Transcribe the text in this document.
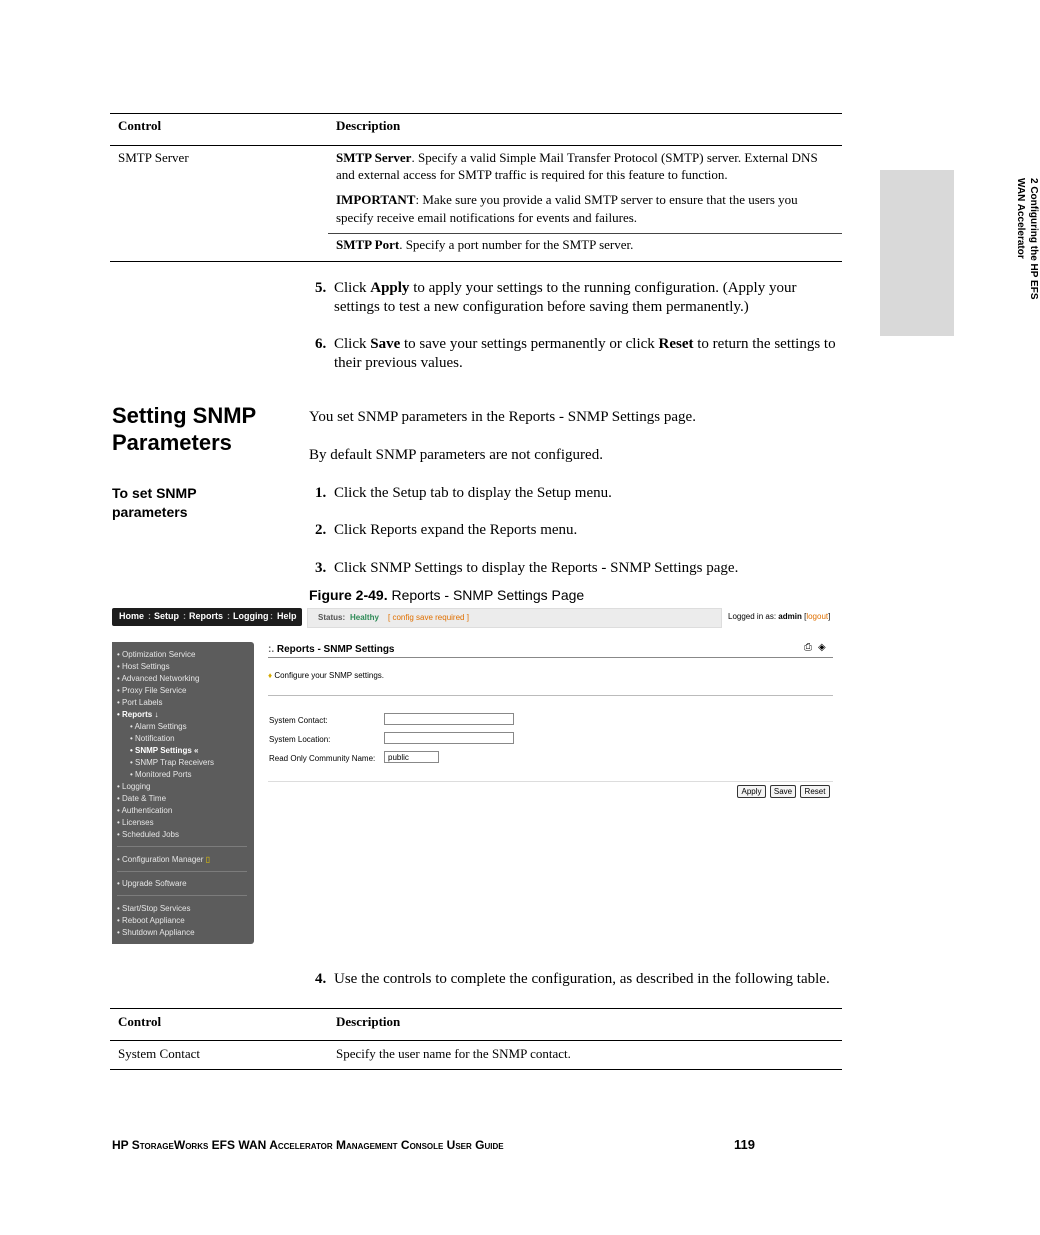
2 Configuring the HP EFS
WAN Accelerator
Control	Description
SMTP Server	SMTP Server. Specify a valid Simple Mail Transfer Protocol (SMTP) server. External DNS and external access for SMTP traffic is required for this feature to function.
IMPORTANT: Make sure you provide a valid SMTP server to ensure that the users you specify receive email notifications for events and failures.
SMTP Port. Specify a port number for the SMTP server.
5. Click Apply to apply your settings to the running configuration. (Apply your settings to test a new configuration before saving them permanently.)
6. Click Save to save your settings permanently or click Reset to return the settings to their previous values.
Setting SNMP
Parameters
You set SNMP parameters in the Reports - SNMP Settings page.
By default SNMP parameters are not configured.
To set SNMP
parameters
1. Click the Setup tab to display the Setup menu.
2. Click Reports expand the Reports menu.
3. Click SNMP Settings to display the Reports - SNMP Settings page.
Figure 2-49. Reports - SNMP Settings Page
Home : Setup : Reports : Logging : Help	Status: Healthy [ config save required ]	Logged in as: admin [logout]
• Optimization Service
• Host Settings
• Advanced Networking
• Proxy File Service
• Port Labels
• Reports ↓
• Alarm Settings
• Notification
• SNMP Settings «
• SNMP Trap Receivers
• Monitored Ports
• Logging
• Date & Time
• Authentication
• Licenses
• Scheduled Jobs
• Configuration Manager ▯
• Upgrade Software
• Start/Stop Services
• Reboot Appliance
• Shutdown Appliance
:. Reports - SNMP Settings	⎙ ◈
♦ Configure your SNMP settings.
System Contact:
System Location:
Read Only Community Name:	public
Apply	Save	Reset
4. Use the controls to complete the configuration, as described in the following table.
Control	Description
System Contact	Specify the user name for the SNMP contact.
HP StorageWorks EFS WAN Accelerator Management Console User Guide	119
